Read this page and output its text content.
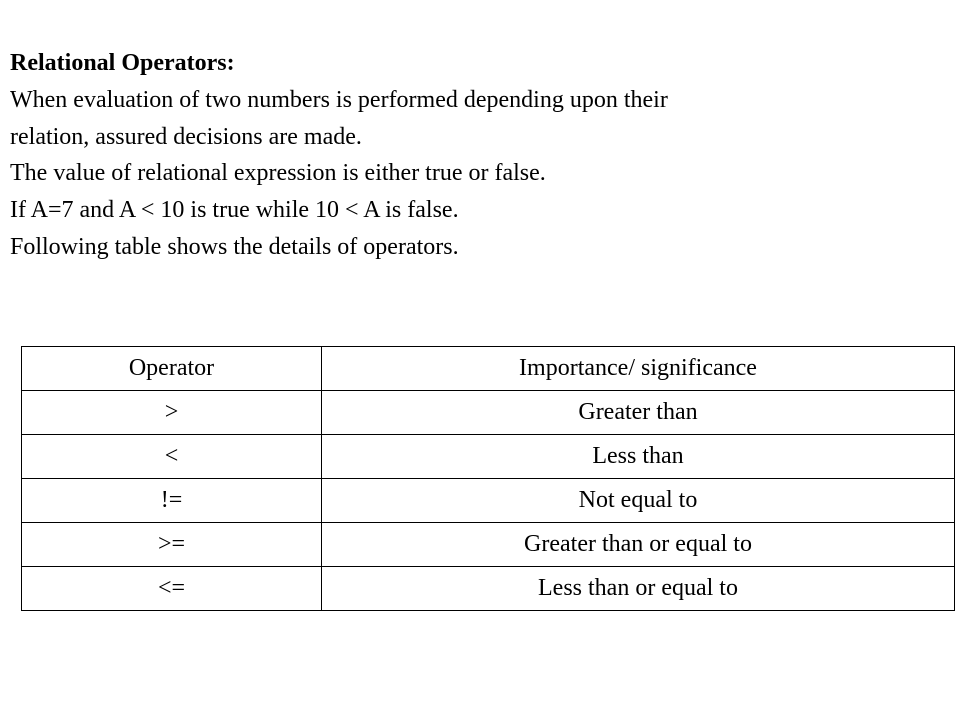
Relational Operators:

When evaluation of two numbers is performed depending upon their

relation, assured decisions are made.

The value of relational expression is either true or false.

If A=7 and A < 10 is true while 10 < A is false.

Following table shows the details of operators.

Operator	Importance/ significance
>	Greater than
<	Less than
!=	Not equal to
>=	Greater than or equal to
<=	Less than or equal to
